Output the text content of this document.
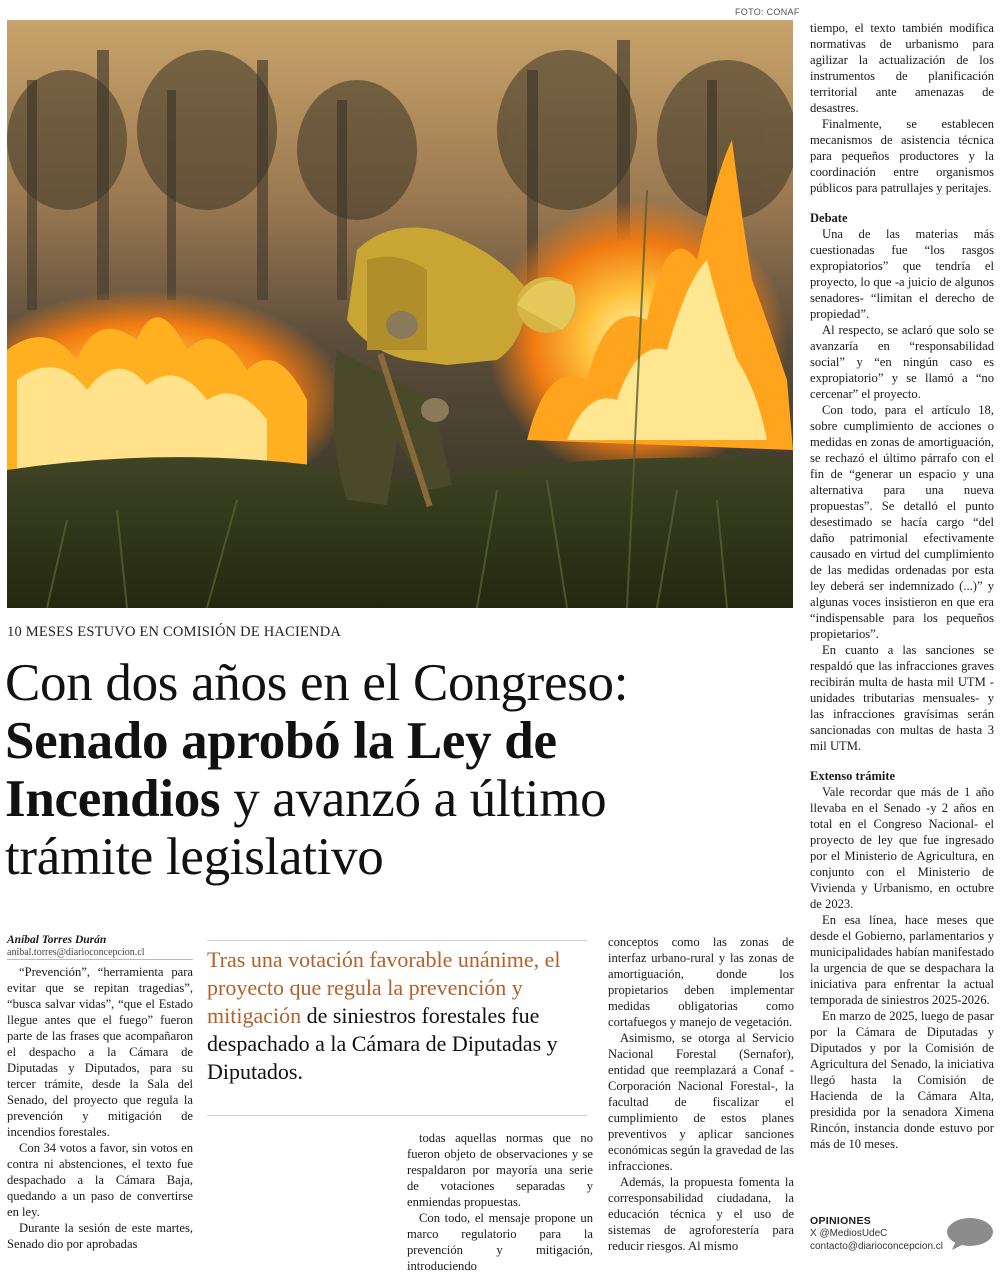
FOTO: CONAF
10 MESES ESTUVO EN COMISIÓN DE HACIENDA
Con dos años en el Congreso:
Senado aprobó la Ley de
Incendios y avanzó a último
trámite legislativo
Aníbal Torres Durán
anibal.torres@diarioconcepcion.cl	Tras una votación favorable unánime, el proyecto que regula la prevención y mitigación de siniestros forestales fue despachado a la Cámara de Diputadas y Diputados.

“Prevención”, “herramienta para evitar que se repitan tragedias”, “busca salvar vidas”, “que el Estado llegue antes que el fuego” fueron parte de las frases que acompañaron el despacho a la Cámara de Diputadas y Diputados, para su tercer trámite, desde la Sala del Senado, del proyecto que regula la prevención y mitigación de incendios forestales.

Con 34 votos a favor, sin votos en contra ni abstenciones, el texto fue despachado a la Cámara Baja, quedando a un paso de convertirse en ley.

Durante la sesión de este martes, Senado dio por aprobadas

todas aquellas normas que no fueron objeto de observaciones y se respaldaron por mayoría una serie de votaciones separadas y enmiendas propuestas.

Con todo, el mensaje propone un marco regulatorio para la prevención y mitigación, introduciendo

conceptos como las zonas de interfaz urbano-rural y las zonas de amortiguación, donde los propietarios deben implementar medidas obligatorias como cortafuegos y manejo de vegetación.

Asimismo, se otorga al Servicio Nacional Forestal (Sernafor), entidad que reemplazará a Conaf -Corporación Nacional Forestal-, la facultad de fiscalizar el cumplimiento de estos planes preventivos y aplicar sanciones económicas según la gravedad de las infracciones.

Además, la propuesta fomenta la corresponsabilidad ciudadana, la educación técnica y el uso de sistemas de agroforestería para reducir riesgos. Al mismo

tiempo, el texto también modifica normativas de urbanismo para agilizar la actualización de los instrumentos de planificación territorial ante amenazas de desastres.

Finalmente, se establecen mecanismos de asistencia técnica para pequeños productores y la coordinación entre organismos públicos para patrullajes y peritajes.

Debate

Una de las materias más cuestionadas fue “los rasgos expropiatorios” que tendría el proyecto, lo que -a juicio de algunos senadores- “limitan el derecho de propiedad”.

Al respecto, se aclaró que solo se avanzaría en “responsabilidad social” y “en ningún caso es expropiatorio” y se llamó a “no cercenar” el proyecto.

Con todo, para el artículo 18, sobre cumplimiento de acciones o medidas en zonas de amortiguación, se rechazó el último párrafo con el fin de “generar un espacio y una alternativa para una nueva propuestas”. Se detalló el punto desestimado se hacía cargo “del daño patrimonial efectivamente causado en virtud del cumplimiento de las medidas ordenadas por esta ley deberá ser indemnizado (...)” y algunas voces insistieron en que era “indispensable para los pequeños propietarios”.

En cuanto a las sanciones se respaldó que las infracciones graves recibirán multa de hasta mil UTM -unidades tributarias mensuales- y las infracciones gravísimas serán sancionadas con multas de hasta 3 mil UTM.

Extenso trámite

Vale recordar que más de 1 año llevaba en el Senado -y 2 años en total en el Congreso Nacional- el proyecto de ley que fue ingresado por el Ministerio de Agricultura, en conjunto con el Ministerio de Vivienda y Urbanismo, en octubre de 2023.

En esa línea, hace meses que desde el Gobierno, parlamentarios y municipalidades habían manifestado la urgencia de que se despachara la iniciativa para enfrentar la actual temporada de siniestros 2025-2026.

En marzo de 2025, luego de pasar por la Cámara de Diputadas y Diputados y por la Comisión de Agricultura del Senado, la iniciativa llegó hasta la Comisión de Hacienda de la Cámara Alta, presidida por la senadora Ximena Rincón, instancia donde estuvo por más de 10 meses.

OPINIONES
X @MediosUdeC
contacto@diarioconcepcion.cl
